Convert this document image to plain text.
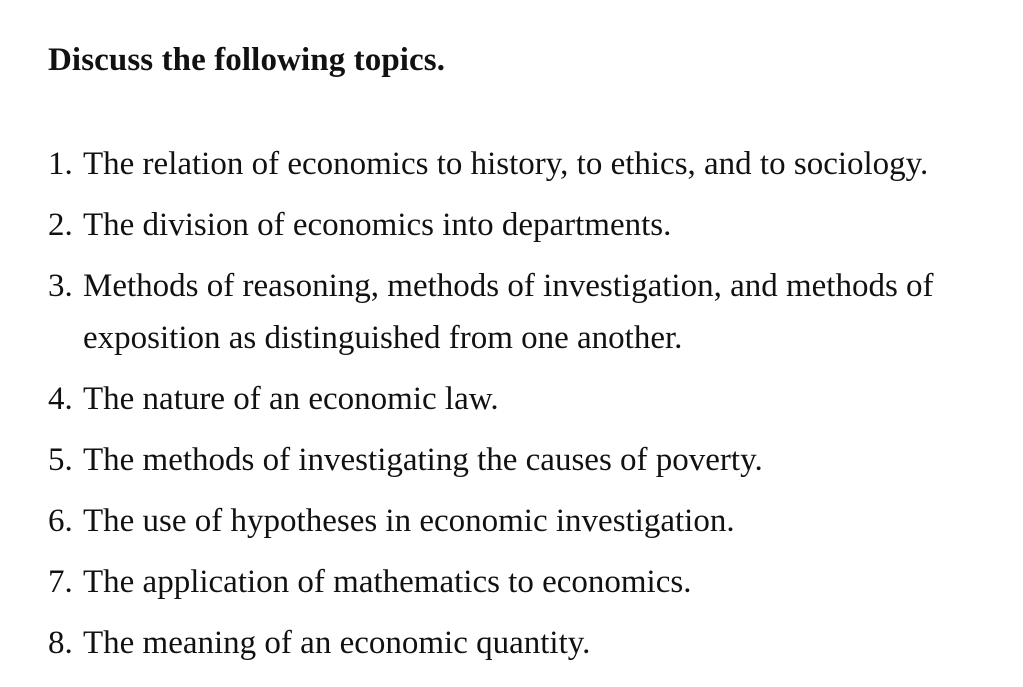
Discuss the following topics.
1. The relation of economics to history, to ethics, and to sociology.
2. The division of economics into departments.
3. Methods of reasoning, methods of investigation, and methods of exposition as distinguished from one another.
4. The nature of an economic law.
5. The methods of investigating the causes of poverty.
6. The use of hypotheses in economic investigation.
7. The application of mathematics to economics.
8. The meaning of an economic quantity.
